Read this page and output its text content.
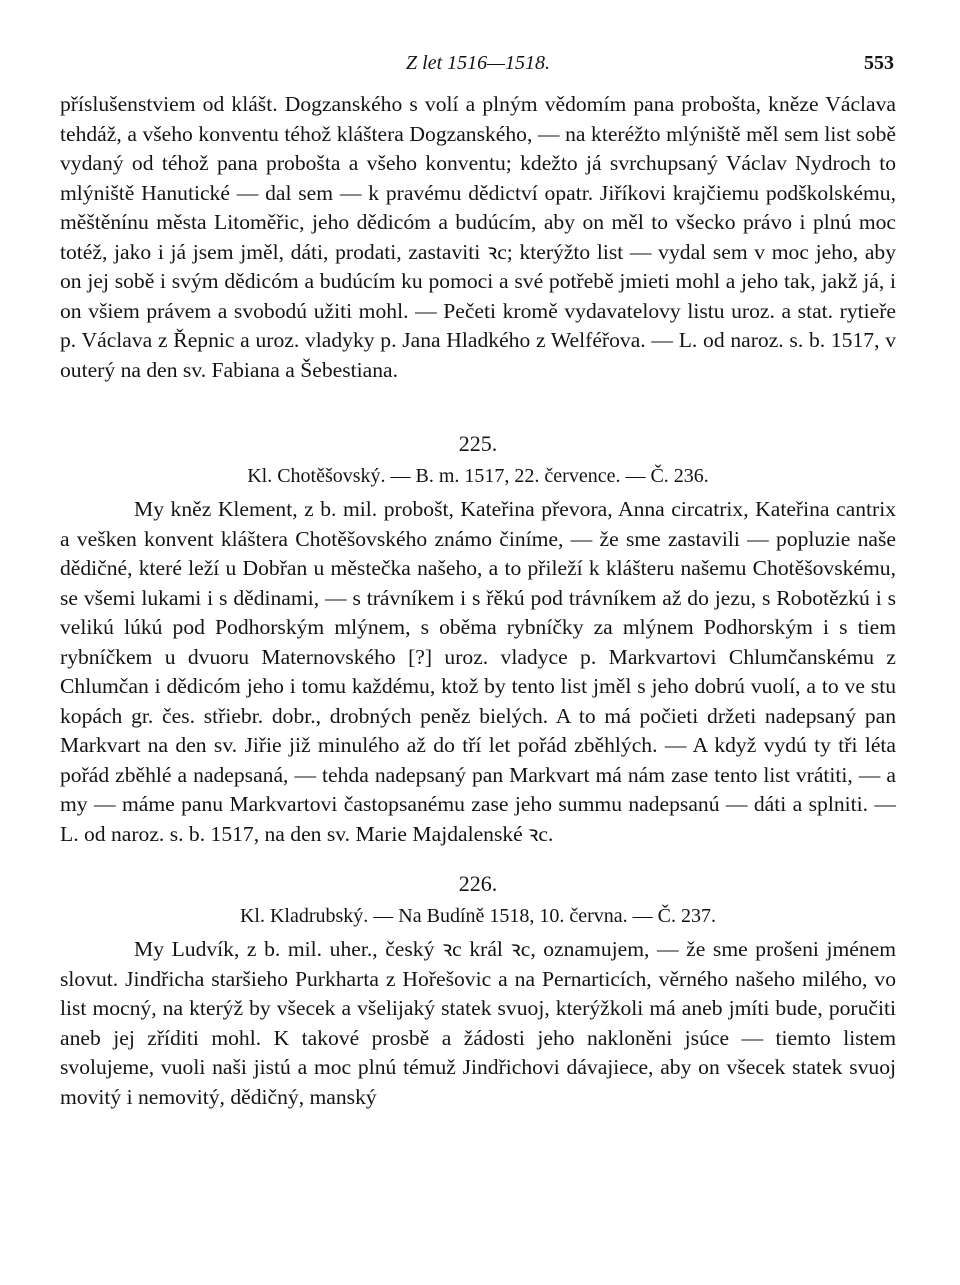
Z let 1516—1518.	553

příslušenstviem od klášt. Dogzanského s volí a plným vědomím pana proboštа, kněze Václava tehdáž, a všeho konventu téhož kláštera Dogzanského, — na kteréžto mlýniště měl sem list sobě vydaný od téhož pana probošta a všeho konventu; kdežto já svrchupsaný Václav Nydroch to mlýniště Hanutické — dal sem — k pravému dědictví opatr. Jiříkovi krajčiemu podškolskému, měštěnínu města Litoměřic, jeho dědicóm a budúcím, aby on měl to všecko právo i plnú moc totéž, jako i já jsem jměl, dáti, prodati, zastaviti ꝛc; kterýžto list — vydal sem v moc jeho, aby on jej sobě i svým dědicóm a budúcím ku pomoci a své potřebě jmieti mohl a jeho tak, jakž já, i on všiem právem a svobodú užiti mohl. — Pečeti kromě vydavatelovy listu uroz. a stat. rytieře p. Václava z Řepnic a uroz. vladyky p. Jana Hladkého z Welféřova. — L. od naroz. s. b. 1517, v outerý na den sv. Fabiana a Šebestiana.

225.
Kl. Chotěšovský. — B. m. 1517, 22. července. — Č. 236.

My kněz Klement, z b. mil. probošt, Kateřina převora, Anna circatrix, Kateřina cantrix a vešken konvent kláštera Chotěšovského známo činíme, — že sme zastavili — popluzie naše dědičné, které leží u Dobřan u městečka našeho, a to přileží k klášteru našemu Chotěšovskému, se všemi lukami i s dědinami, — s trávníkem i s řěkú pod trávníkem až do jezu, s Robotězkú i s velikú lúkú pod Podhorským mlýnem, s oběma rybníčky za mlýnem Podhorským i s tiem rybníčkem u dvuoru Maternovského [?] uroz. vladyce p. Markvartovi Chlumčanskému z Chlumčan i dědicóm jeho i tomu každému, ktož by tento list jměl s jeho dobrú vuolí, a to ve stu kopách gr. čes. střiebr. dobr., drobných peněz bielých. A to má počieti držeti nadepsaný pan Markvart na den sv. Jiřie již minulého až do tří let pořád zběhlých. — A když vydú ty tři léta pořád zběhlé a nadepsaná, — tehda nadepsaný pan Markvart má nám zase tento list vrátiti, — a my — máme panu Markvartovi častopsanému zase jeho summu nadepsanú — dáti a splniti. — L. od naroz. s. b. 1517, na den sv. Marie Majdalenské ꝛc.

226.
Kl. Kladrubský. — Na Budíně 1518, 10. června. — Č. 237.

My Ludvík, z b. mil. uher., český ꝛc král ꝛc, oznamujem, — že sme prošeni jménem slovut. Jindřicha staršieho Purkharta z Hořešovic a na Pernarticích, věrného našeho milého, vo list mocný, na kterýž by všecek a všelijaký statek svuoj, kterýžkoli má aneb jmíti bude, poručiti aneb jej zříditi mohl. K takové prosbě a žádosti jeho nakloněni jsúce — tiemto listem svolujeme, vuoli naši jistú a moc plnú témuž Jindřichovi dávajiece, aby on všecek statek svuoj movitý i nemovitý, dědičný, manský
